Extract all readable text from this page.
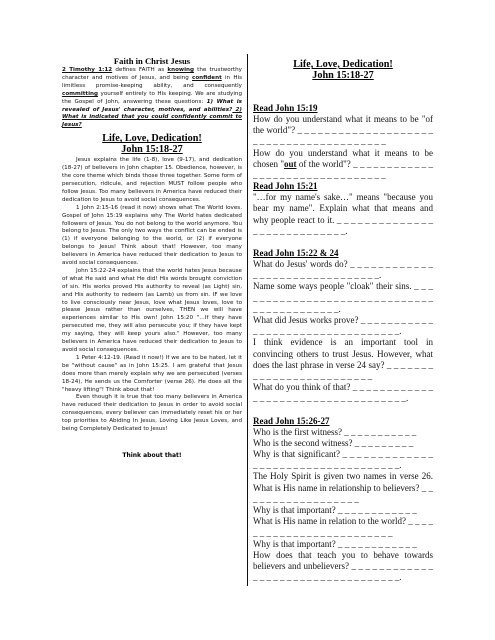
Faith in Christ Jesus

2 Timothy 1:12 defines FAITH as knowing the trustworthy character and motives of Jesus, and being confident in His limitless promise-keeping ability, and consequently committing yourself entirely to His keeping. We are studying the Gospel of John, answering these questions: 1) What is revealed of Jesus' character, motives, and abilities? 2) What is indicated that you could confidently commit to Jesus?

Life, Love, Dedication!
John 15:18-27

Jesus explains the life (1-8), love (9-17), and dedication (18-27) of believers in John chapter 15. Obedience, however, is the core theme which binds those three together. Some form of persecution, ridicule, and rejection MUST follow people who follow Jesus. Too many believers in America have reduced their dedication to Jesus to avoid social consequences.

1 John 2:15-16 (read it now) shows what The World loves. Gospel of John 15:19 explains why The World hates dedicated followers of Jesus. You do not belong to the world anymore. You belong to Jesus. The only two ways the conflict can be ended is (1) if everyone belonging to the world, or (2) if everyone belongs to Jesus! Think about that! However, too many believers in America have reduced their dedication to Jesus to avoid social consequences.

John 15:22-24 explains that the world hates Jesus because of what He said and what He did! His words brought conviction of sin. His works proved His authority to reveal (as Light) sin, and His authority to redeem (as Lamb) us from sin. IF we love to live consciously near Jesus, love what Jesus loves, love to please Jesus rather than ourselves, THEN we will have experiences similar to His own! John 15:20 "…If they have persecuted me, they will also persecute you; if they have kept my saying, they will keep yours also." However, too many believers in America have reduced their dedication to Jesus to avoid social consequences.

1 Peter 4:12-19. (Read it now!) If we are to be hated, let it be "without cause" as in John 15:25. I am grateful that Jesus does more than merely explain why we are persecuted (verses 18-24), He sends us the Comforter (verse 26). He does all the "heavy lifting"! Think about that!

Even though it is true that too many believers in America have reduced their dedication to Jesus in order to avoid social consequences, every believer can immediately reset his or her top priorities to Abiding In Jesus, Loving Like Jesus Loves, and being Completely Dedicated to Jesus!

Think about that!
Life, Love, Dedication!
John 15:18-27

Read John 15:19

How do you understand what it means to be "of the world"? _ _ _ _ _ _ _ _ _ _ _ _ _ _ _ _ _ _ _ _ _ _ _ _ _ _ _ _ _ _ _ _ _ _ _ _ _ _ _ _

How do you understand what it means to be chosen "out of the world"? _ _ _ _ _ _ _ _ _ _ _ _ _ _ _ _ _ _ _ _ _ _ _ _ _ _ _ _ _ _ _ _

Read John 15:21

"…for my name's sake…" means "because you bear my name". Explain what that means and why people react to it. _ _ _ _ _ _ _ _ _ _ _ _ _ _ _ _ _ _ _ _ _ _ _ _ _ _ _ _.

Read John 15:22 & 24

What do Jesus' words do? _ _ _ _ _ _ _ _ _ _ _ _ _ _ _ _ _ _ _ _ _ _ _ _ _ _ _ _ _ _ _.

Name some ways people "cloak" their sins. _ _ _ _ _ _ _ _ _ _ _ _ _ _ _ _ _ _ _ _ _ _ _ _ _ _ _ _ _ _ _ _ _ _ _ _ _ _ _ _ _ _ _.

What did Jesus works prove? _ _ _ _ _ _ _ _ _ _ _ _ _ _ _ _ _ _ _ _ _ _ _ _ _ _ _ _ _ _ _ _ _.

I think evidence is an important tool in convincing others to trust Jesus. However, what does the last phrase in verse 24 say? _ _ _ _ _ _ _ _ _ _ _ _ _ _ _ _ _ _ _ _ _ _ _ _ _

What do you think of that? _ _ _ _ _ _ _ _ _ _ _ _ _ _ _ _ _ _ _ _ _ _ _ _ _ _ _ _ _ _ _ _ _ _ _.

Read John 15:26-27

Who is the first witness? _ _ _ _ _ _ _ _ _ _ _

Who is the second witness? _ _ _ _ _ _ _ _ _

Why is that significant? _ _ _ _ _ _ _ _ _ _ _ _ _ _ _ _ _ _ _ _ _ _ _ _ _ _ _ _ _ _ _ _ _ _ _.

The Holy Spirit is given two names in verse 26. What is His name in relationship to believers? _ _ _ _ _ _ _ _ _ _ _ _ _ _ _ _ _ _

Why is that important? _ _ _ _ _ _ _ _ _ _ _ _

What is His name in relation to the world? _ _ _ _ _ _ _ _ _ _ _ _ _ _ _ _ _ _ _ _ _ _ _ _ _

Why is that important? _ _ _ _ _ _ _ _ _ _ _ _

How does that teach you to behave towards believers and unbelievers? _ _ _ _ _ _ _ _ _ _ _ _ _ _ _ _ _ _ _ _ _ _ _ _ _ _ _ _ _ _ _ _ _ _.
